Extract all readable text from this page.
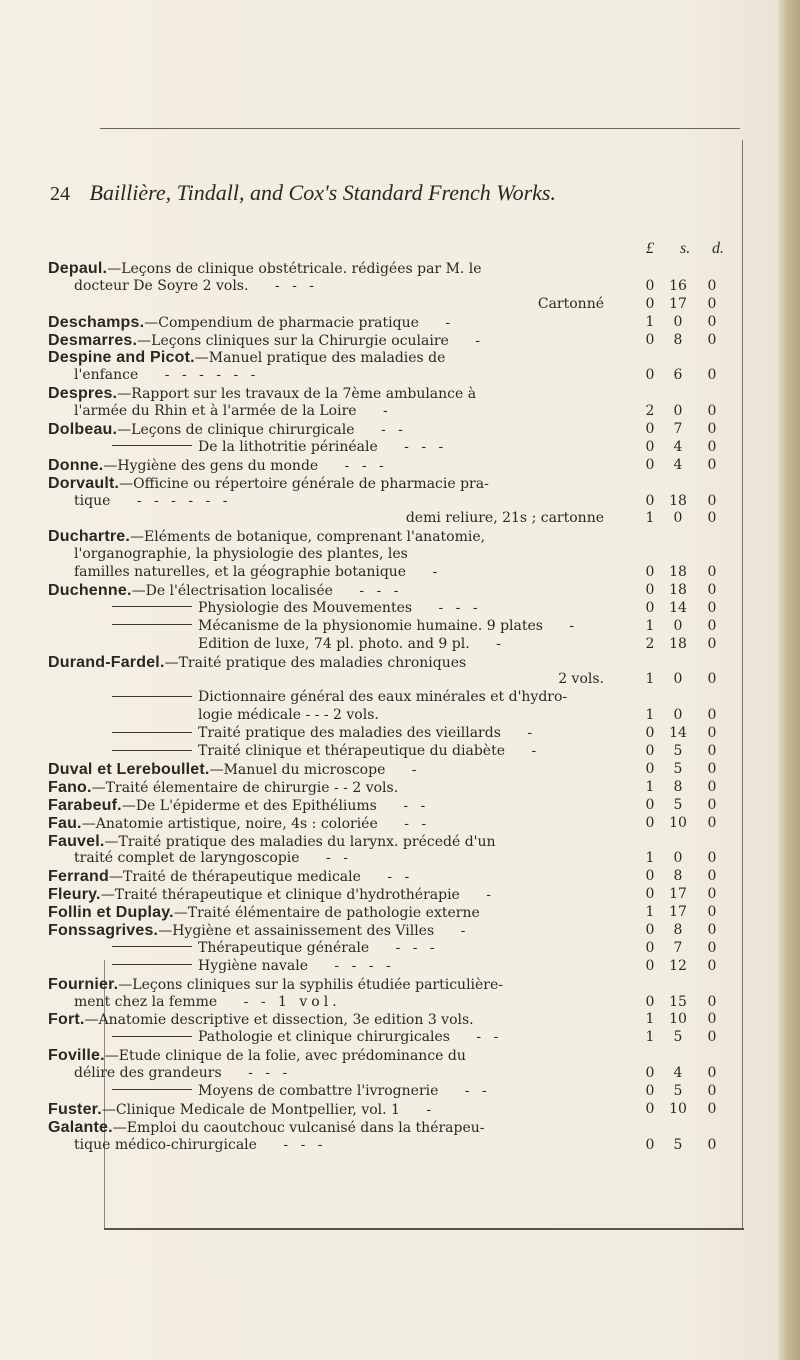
24 Baillière, Tindall, and Cox's Standard French Works.
£ s. d.
Depaul.—Leçons de clinique obstétricale. rédigées par M. le
docteur De Soyre 2 vols. - - -	0	16	0
Cartonné	0	17	0
Deschamps.—Compendium de pharmacie pratique -	1	0	0
Desmarres.—Leçons cliniques sur la Chirurgie oculaire -	0	8	0
Despine and Picot.—Manuel pratique des maladies de
l'enfance - - - - - -	0	6	0
Despres.—Rapport sur les travaux de la 7ème ambulance à
l'armée du Rhin et à l'armée de la Loire -	2	0	0
Dolbeau.—Leçons de clinique chirurgicale - -	0	7	0
De la lithotritie périnéale - - -	0	4	0
Donne.—Hygiène des gens du monde - - -	0	4	0
Dorvault.—Officine ou répertoire générale de pharmacie pra-
tique - - - - - -	0	18	0
demi reliure, 21s ; cartonne	1	0	0
Duchartre.—Eléments de botanique, comprenant l'anatomie,
l'organographie, la physiologie des plantes, les
familles naturelles, et la géographie botanique -	0	18	0
Duchenne.—De l'électrisation localisée - - -	0	18	0
Physiologie des Mouvementes - - -	0	14	0
Mécanisme de la physionomie humaine. 9 plates -	1	0	0
Edition de luxe, 74 pl. photo. and 9 pl. -	2	18	0
Durand-Fardel.—Traité pratique des maladies chroniques
2 vols.	1	0	0
Dictionnaire général des eaux minérales et d'hydro-
logie médicale - - - 2 vols.	1	0	0
Traité pratique des maladies des vieillards -	0	14	0
Traité clinique et thérapeutique du diabète -	0	5	0
Duval et Lereboullet.—Manuel du microscope -	0	5	0
Fano.—Traité élementaire de chirurgie - - 2 vols.	1	8	0
Farabeuf.—De L'épiderme et des Epithéliums - -	0	5	0
Fau.—Anatomie artistique, noire, 4s : coloriée - -	0	10	0
Fauvel.—Traité pratique des maladies du larynx. précedé d'un
traité complet de laryngoscopie - -	1	0	0
Ferrand—Traité de thérapeutique medicale - -	0	8	0
Fleury.—Traité thérapeutique et clinique d'hydrothérapie -	0	17	0
Follin et Duplay.—Traité élémentaire de pathologie externe	1	17	0
Fonssagrives.—Hygiène et assainissement des Villes -	0	8	0
Thérapeutique générale - - -	0	7	0
Hygiène navale - - - -	0	12	0
Fournier.—Leçons cliniques sur la syphilis étudiée particulière-
ment chez la femme - - 1 vol.	0	15	0
Fort.—Anatomie descriptive et dissection, 3e edition 3 vols.	1	10	0
Pathologie et clinique chirurgicales - -	1	5	0
Foville.—Etude clinique de la folie, avec prédominance du
délire des grandeurs - - -	0	4	0
Moyens de combattre l'ivrognerie - -	0	5	0
Fuster.—Clinique Medicale de Montpellier, vol. 1 -	0	10	0
Galante.—Emploi du caoutchouc vulcanisé dans la thérapeu-
tique médico-chirurgicale - - -	0	5	0
